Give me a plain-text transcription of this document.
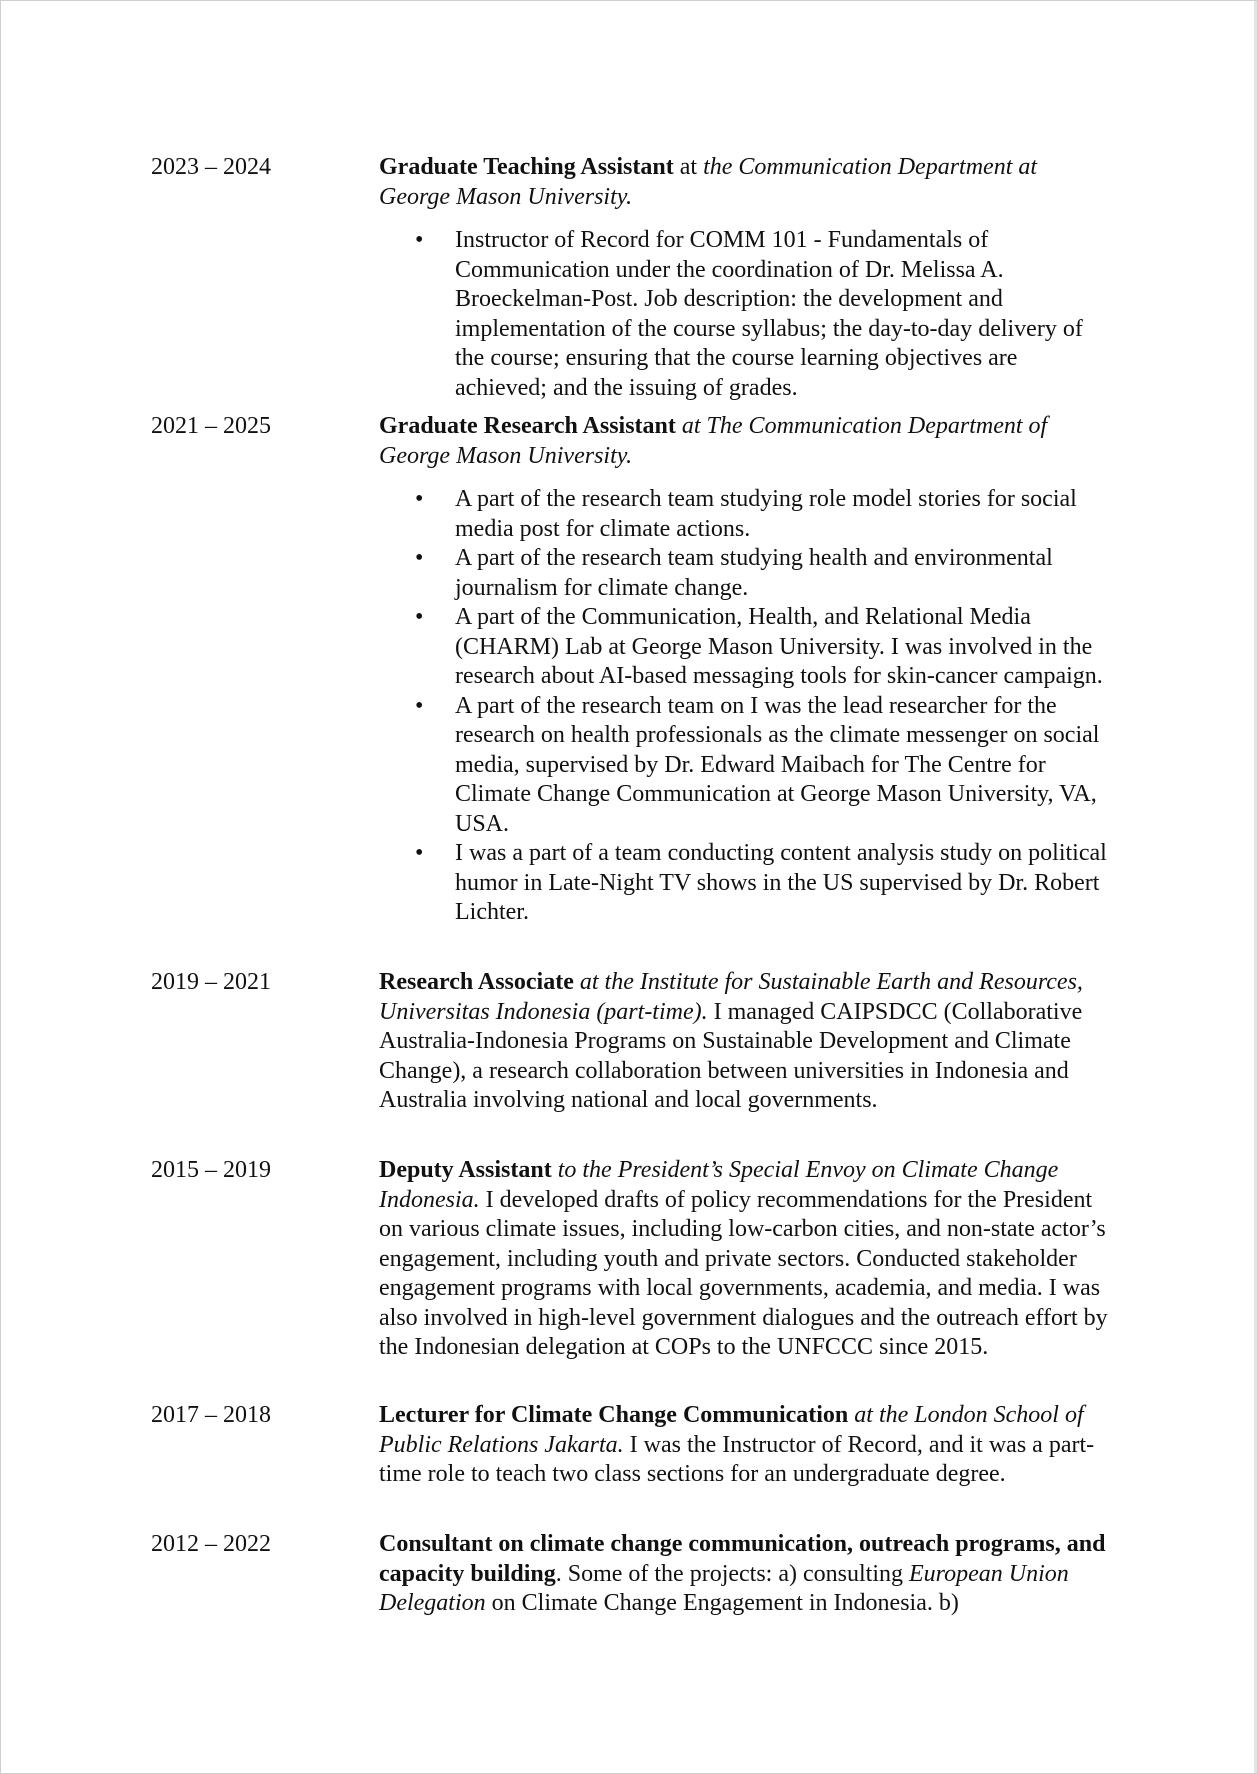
2023 – 2024	Graduate Teaching Assistant at the Communication Department at George Mason University.

• Instructor of Record for COMM 101 - Fundamentals of Communication under the coordination of Dr. Melissa A. Broeckelman-Post. Job description: the development and implementation of the course syllabus; the day-to-day delivery of the course; ensuring that the course learning objectives are achieved; and the issuing of grades.
2021 – 2025	Graduate Research Assistant at The Communication Department of George Mason University.

• A part of the research team studying role model stories for social media post for climate actions.
• A part of the research team studying health and environmental journalism for climate change.
• A part of the Communication, Health, and Relational Media (CHARM) Lab at George Mason University. I was involved in the research about AI-based messaging tools for skin-cancer campaign.
• A part of the research team on I was the lead researcher for the research on health professionals as the climate messenger on social media, supervised by Dr. Edward Maibach for The Centre for Climate Change Communication at George Mason University, VA, USA.
• I was a part of a team conducting content analysis study on political humor in Late-Night TV shows in the US supervised by Dr. Robert Lichter.
2019 – 2021	Research Associate at the Institute for Sustainable Earth and Resources, Universitas Indonesia (part-time). I managed CAIPSDCC (Collaborative Australia-Indonesia Programs on Sustainable Development and Climate Change), a research collaboration between universities in Indonesia and Australia involving national and local governments.

2015 – 2019	Deputy Assistant to the President’s Special Envoy on Climate Change Indonesia. I developed drafts of policy recommendations for the President on various climate issues, including low-carbon cities, and non-state actor’s engagement, including youth and private sectors. Conducted stakeholder engagement programs with local governments, academia, and media. I was also involved in high-level government dialogues and the outreach effort by the Indonesian delegation at COPs to the UNFCCC since 2015.

2017 – 2018	Lecturer for Climate Change Communication at the London School of Public Relations Jakarta. I was the Instructor of Record, and it was a part-time role to teach two class sections for an undergraduate degree.

2012 – 2022	Consultant on climate change communication, outreach programs, and capacity building. Some of the projects: a) consulting European Union Delegation on Climate Change Engagement in Indonesia. b)
